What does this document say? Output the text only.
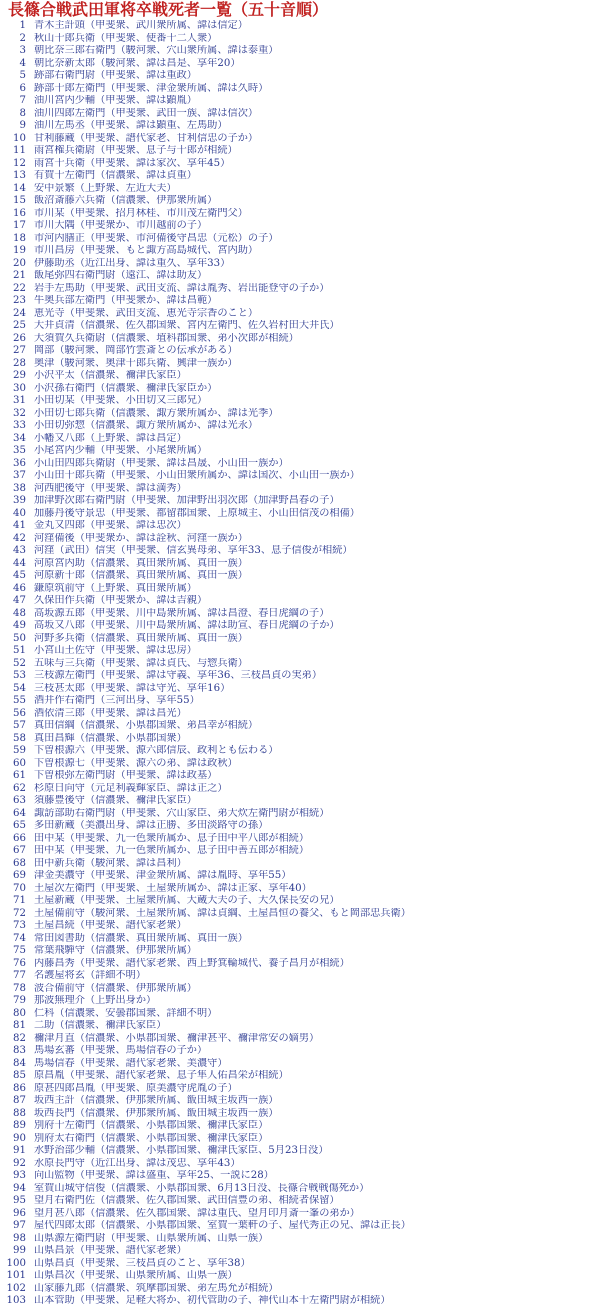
長篠合戦武田軍将卒戦死者一覧（五十音順）
1 青木主計頭（甲斐衆、武川衆所属、諱は信定）
2 秋山十郎兵衛（甲斐衆、使番十二人衆）
3 朝比奈三郎右衛門（駿河衆、穴山衆所属、諱は泰重）
4 朝比奈新太郎（駿河衆、諱は昌是、享年20）
5 跡部右衛門尉（甲斐衆、諱は重政）
6 跡部十郎左衛門（甲斐衆、津金衆所属、諱は久時）
7 油川宮内少輔（甲斐衆、諱は顕胤）
8 油川四郎左衛門（甲斐衆、武田一族、諱は信次）
9 油川左馬丞（甲斐衆、諱は顕重、左馬助）
10 甘利藤蔵（甲斐衆、譜代家老、甘利信忠の子か）
11 雨宮権兵衛尉（甲斐衆、息子与十郎が相続）
12 雨宮十兵衛（甲斐衆、諱は家次、享年45）
13 有賀十左衛門（信濃衆、諱は貞重）
14 安中景繁（上野衆、左近大夫）
15 飯沼斎藤六兵衛（信濃衆、伊那衆所属）
16 市川某（甲斐衆、招月林桂、市川茂左衛門父）
17 市川大隅（甲斐衆か、市川越前の子）
18 市河内膳正（甲斐衆、市河備後守昌忠（元松）の子）
19 市川昌房（甲斐衆、もと諏方高島城代、宮内助）
20 伊藤助丞（近江出身、諱は重久、享年33）
21 飯尾弥四右衛門尉（遠江、諱は助友）
22 岩手左馬助（甲斐衆、武田支流、諱は胤秀、岩出能登守の子か）
23 牛奥兵部左衛門（甲斐衆か、諱は昌範）
24 恵光寺（甲斐衆、武田支流、恵光寺宗香のこと）
25 大井貞清（信濃衆、佐久郡国衆、宮内左衛門、佐久岩村田大井氏）
26 大須賀久兵衛尉（信濃衆、埴科郡国衆、弟小次郎が相続）
27 岡部（駿河衆、岡部竹雲斎との伝承がある）
28 奥津（駿河衆、奥津十郎兵衛、興津一族か）
29 小沢平太（信濃衆、禰津氏家臣）
30 小沢孫右衛門（信濃衆、禰津氏家臣か）
31 小田切某（甲斐衆、小田切又三郎兄）
32 小田切七郎兵衛（信濃衆、諏方衆所属か、諱は光季）
33 小田切弥惣（信濃衆、諏方衆所属か、諱は光永）
34 小幡又八郎（上野衆、諱は昌定）
35 小尾宮内少輔（甲斐衆、小尾衆所属）
36 小山田四郎兵衛尉（甲斐衆、諱は昌晟、小山田一族か）
37 小山田十郎兵衛（甲斐衆、小山田衆所属か、諱は国次、小山田一族か）
38 河西肥後守（甲斐衆、諱は満秀）
39 加津野次郎右衛門尉（甲斐衆、加津野出羽次郎（加津野昌春の子）
40 加藤丹後守景忠（甲斐衆、都留郡国衆、上原城主、小山田信茂の相備）
41 金丸又四郎（甲斐衆、諱は忠次）
42 河窪備後（甲斐衆か、諱は詮秋、河窪一族か）
43 河窪（武田）信実（甲斐衆、信玄異母弟、享年33、息子信俊が相続）
44 河原宮内助（信濃衆、真田衆所属、真田一族）
45 河原新十郎（信濃衆、真田衆所属、真田一族）
46 鎌原筑前守（上野衆、真田衆所属）
47 久保田作兵衛（甲斐衆か、諱は吉親）
48 高坂源五郎（甲斐衆、川中島衆所属、諱は昌澄、春日虎綱の子）
49 高坂又八郎（甲斐衆、川中島衆所属、諱は助宣、春日虎綱の子か）
50 河野多兵衛（信濃衆、真田衆所属、真田一族）
51 小宮山土佐守（甲斐衆、諱は忠房）
52 五味与三兵衛（甲斐衆、諱は貞氏、与惣兵衛）
53 三枝源左衛門（甲斐衆、諱は守義、享年36、三枝昌貞の実弟）
54 三枝甚太郎（甲斐衆、諱は守光、享年16）
55 酒井作右衛門（三河出身、享年55）
56 酒依清三郎（甲斐衆、諱は昌光）
57 真田信綱（信濃衆、小県郡国衆、弟昌幸が相続）
58 真田昌輝（信濃衆、小県郡国衆）
59 下曽根源六（甲斐衆、源六郎信辰、政利とも伝わる）
60 下曽根源七（甲斐衆、源六の弟、諱は政秋）
61 下曽根弥左衛門尉（甲斐衆、諱は政基）
62 杉原日向守（元足利義輝家臣、諱は正之）
63 須藤豊後守（信濃衆、禰津氏家臣）
64 諏訪部助右衛門尉（甲斐衆、穴山家臣、弟大炊左衛門尉が相続）
65 多田新蔵（美濃出身、諱は正勝、多田淡路守の孫）
66 田中某（甲斐衆、九一色衆所属か、息子田中平八郎が相続）
67 田中某（甲斐衆、九一色衆所属か、息子田中善五郎が相続）
68 田中新兵衛（駿河衆、諱は昌利）
69 津金美濃守（甲斐衆、津金衆所属、諱は胤時、享年55）
70 土屋次左衛門（甲斐衆、土屋衆所属か、諱は正家、享年40）
71 土屋新蔵（甲斐衆、土屋衆所属、大蔵大夫の子、大久保長安の兄）
72 土屋備前守（駿河衆、土屋衆所属、諱は貞綱、土屋昌恒の養父、もと岡部忠兵衛）
73 土屋昌続（甲斐衆、譜代家老衆）
74 常田図書助（信濃衆、真田衆所属、真田一族）
75 常葉飛騨守（信濃衆、伊那衆所属）
76 内藤昌秀（甲斐衆、譜代家老衆、西上野箕輪城代、養子昌月が相続）
77 名護屋将玄（詳細不明）
78 波合備前守（信濃衆、伊那衆所属）
79 那波無理介（上野出身か）
80 仁科（信濃衆、安曇郡国衆、詳細不明）
81 二助（信濃衆、禰津氏家臣）
82 禰津月直（信濃衆、小県郡国衆、禰津甚平、禰津常安の嫡男）
83 馬場玄蕃（甲斐衆、馬場信春の子か）
84 馬場信春（甲斐衆、譜代家老衆、美濃守）
85 原昌胤（甲斐衆、譜代家老衆、息子隼人佑昌栄が相続）
86 原甚四郎昌胤（甲斐衆、原美濃守虎胤の子）
87 坂西主計（信濃衆、伊那衆所属、飯田城主坂西一族）
88 坂西長門（信濃衆、伊那衆所属、飯田城主坂西一族）
89 別府十左衛門（信濃衆、小県郡国衆、禰津氏家臣）
90 別府太右衛門（信濃衆、小県郡国衆、禰津氏家臣）
91 水野治部少輔（信濃衆、小県郡国衆、禰津氏家臣、5月23日没）
92 水原長門守（近江出身、諱は茂忠、享年43）
93 向山監物（甲斐衆、諱は盛重、享年25、一説に28）
94 室賀山城守信俊（信濃衆、小県郡国衆、6月13日没、長篠合戦戦傷死か）
95 望月右衛門佐（信濃衆、佐久郡国衆、武田信豊の弟、相続者保留）
96 望月甚八郎（信濃衆、佐久郡国衆、諱は重氏、望月印月斎一峯の弟か）
97 屋代四郎太郎（信濃衆、小県郡国衆、室賀一葉軒の子、屋代秀正の兄、諱は正長）
98 山県源左衛門尉（甲斐衆、山県衆所属、山県一族）
99 山県昌景（甲斐衆、譜代家老衆）
100 山県昌貞（甲斐衆、三枝昌貞のこと、享年38）
101 山県昌次（甲斐衆、山県衆所属、山県一族）
102 山家藤九郎（信濃衆、筑摩郡国衆、弟左馬允が相続）
103 山本管助（甲斐衆、足軽大将か、初代管助の子、神代山本十左衛門尉が相続）
